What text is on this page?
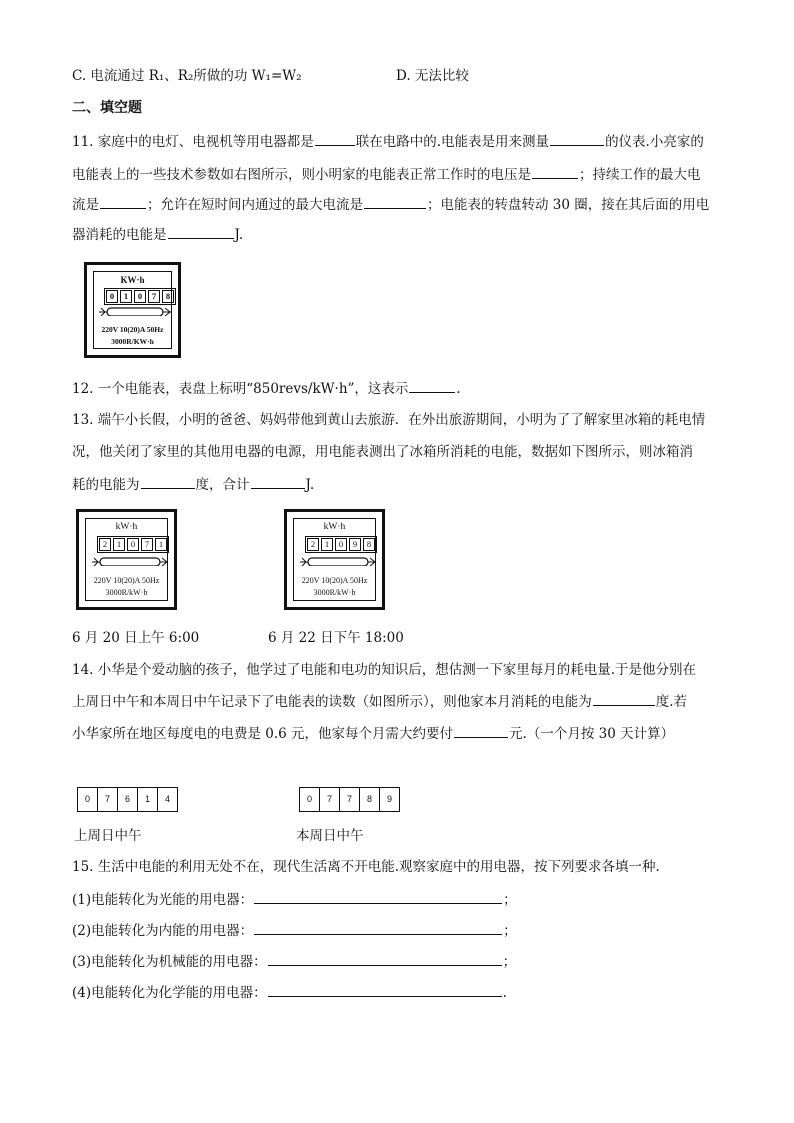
C. 电流通过 R₁、R₂所做的功 W₁=W₂	D. 无法比较
二、填空题
11. 家庭中的电灯、电视机等用电器都是	联在电路中的.电能表是用来测量	的仪表.小亮家的
电能表上的一些技术参数如右图所示，则小明家的电能表正常工作时的电压是	；持续工作的最大电
流是	；允许在短时间内通过的最大电流是	；电能表的转盘转动 30 圈，接在其后面的用电
器消耗的电能是	J.
KW·h
0	1	0	7	8
220V 10(20)A 50Hz
3000R/KW·h
12. 一个电能表，表盘上标明“850revs/kW·h”，这表示	.
13. 端午小长假，小明的爸爸、妈妈带他到黄山去旅游．在外出旅游期间，小明为了了解家里冰箱的耗电情
况，他关闭了家里的其他用电器的电源，用电能表测出了冰箱所消耗的电能，数据如下图所示，则冰箱消
耗的电能为	度，合计	J.
kW·h
2	1	0	7	1
220V 10(20)A 50Hz
3000R/kW·h
6 月 20 日上午 6:00
kW·h
2	1	0	9	8
220V 10(20)A 50Hz
3000R/kW·h
6 月 22 日下午 18:00
14. 小华是个爱动脑的孩子，他学过了电能和电功的知识后，想估测一下家里每月的耗电量.于是他分别在
上周日中午和本周日中午记录下了电能表的读数（如图所示），则他家本月消耗的电能为	度.若
小华家所在地区每度电的电费是 0.6 元，他家每个月需大约要付	元.（一个月按 30 天计算）
0	7	6	1	4
上周日中午
0	7	7	8	9
本周日中午
15. 生活中电能的利用无处不在，现代生活离不开电能.观察家庭中的用电器，按下列要求各填一种.
(1)电能转化为光能的用电器：	；
(2)电能转化为内能的用电器：	；
(3)电能转化为机械能的用电器：	；
(4)电能转化为化学能的用电器：	.
